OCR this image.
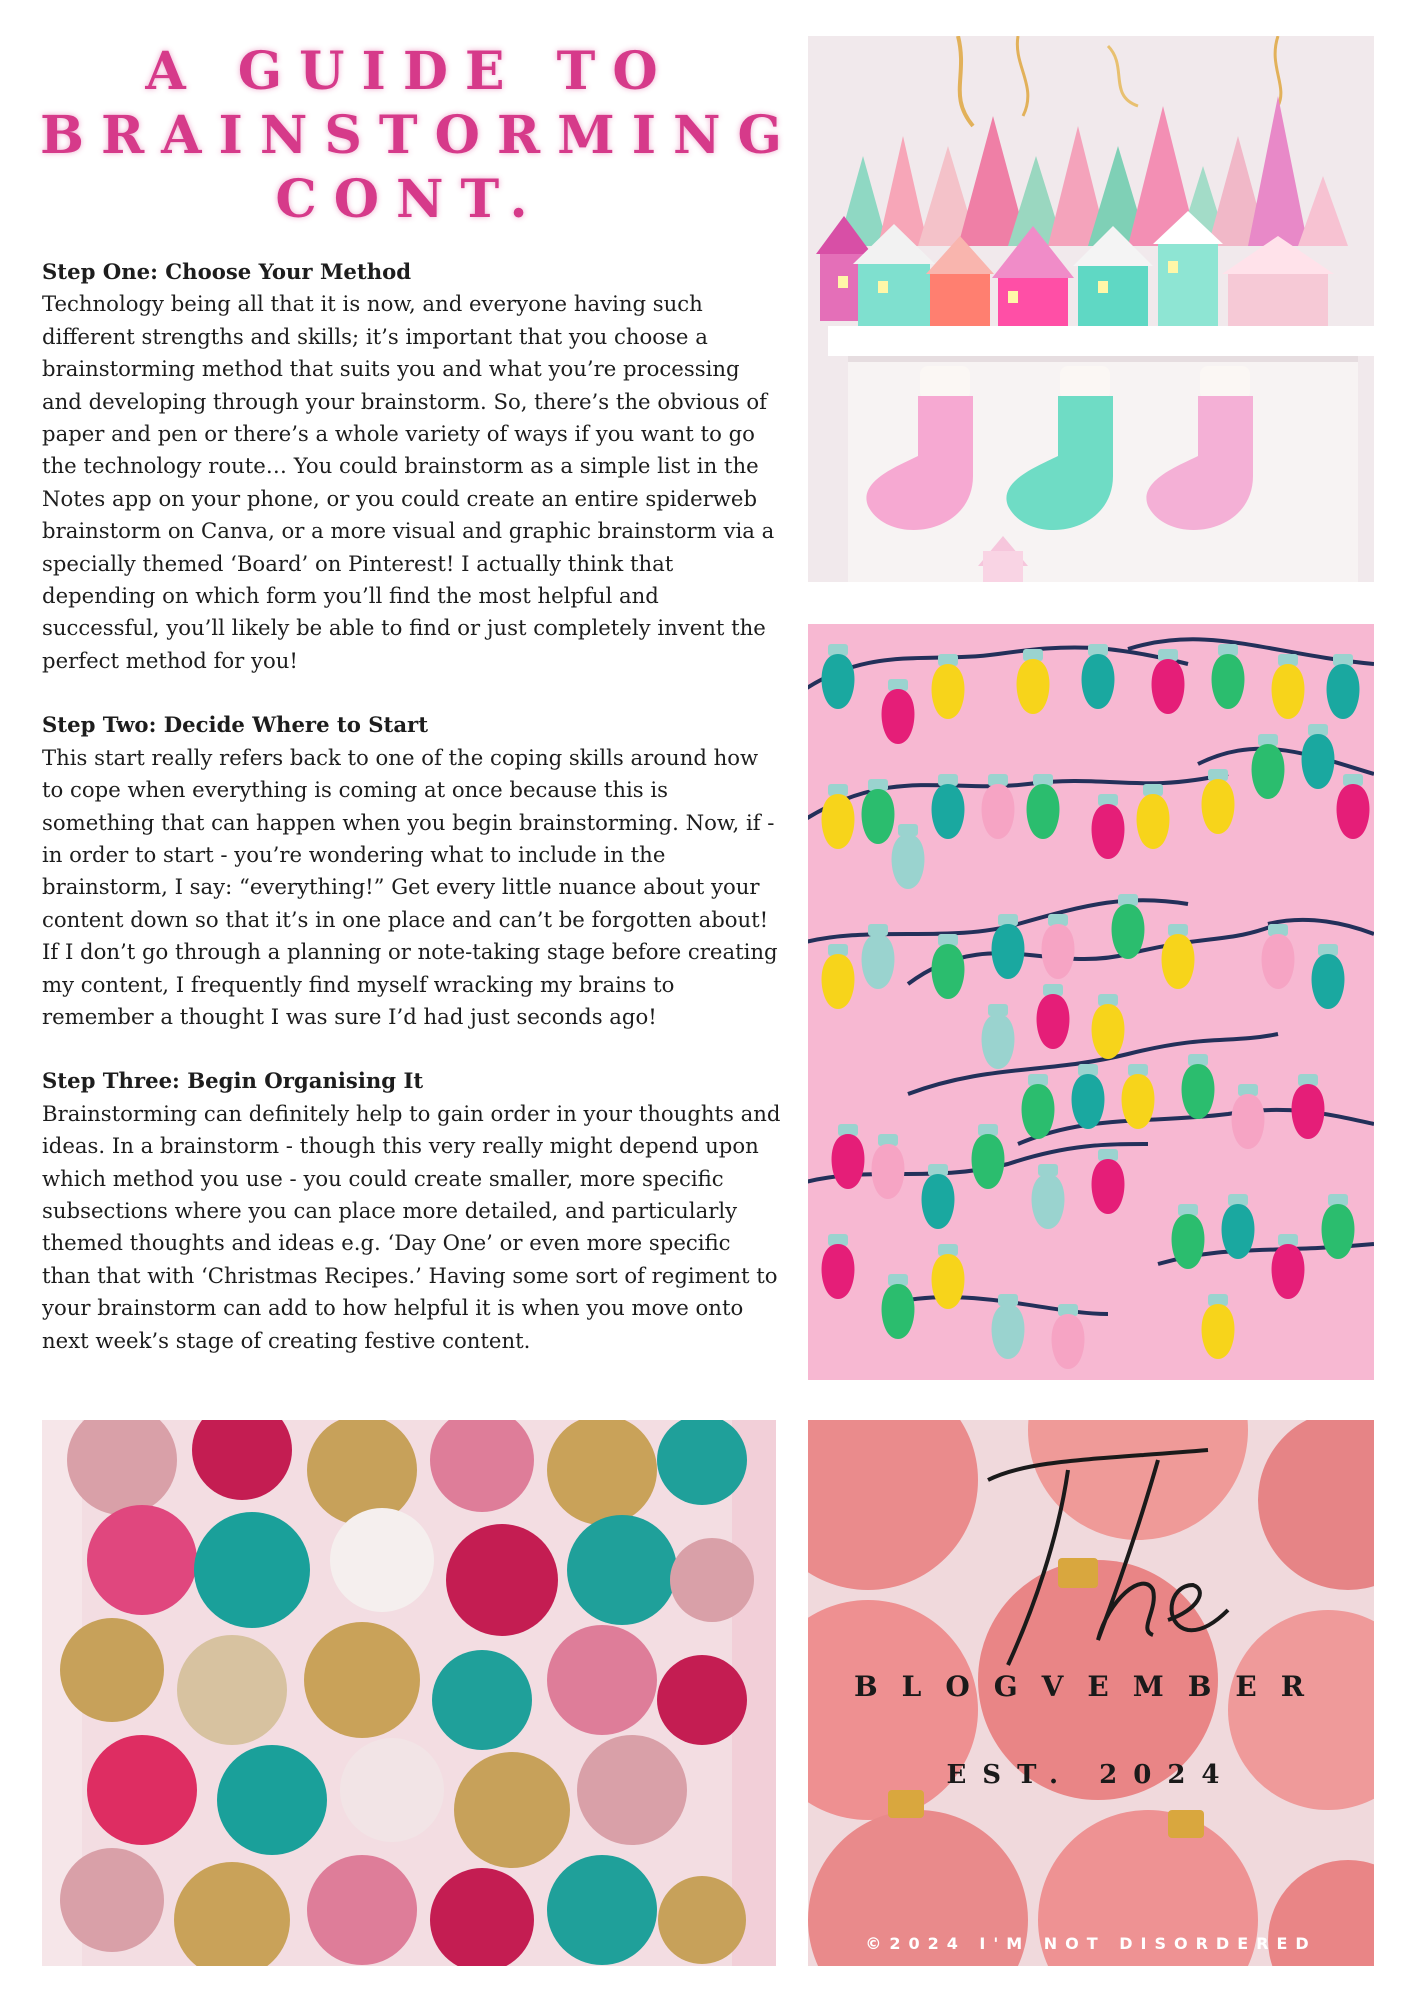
A GUIDE TO
BRAINSTORMING
CONT.
Step One: Choose Your Method

Technology being all that it is now, and everyone having such different strengths and skills; it’s important that you choose a brainstorming method that suits you and what you’re processing and developing through your brainstorm. So, there’s the obvious of paper and pen or there’s a whole variety of ways if you want to go the technology route… You could brainstorm as a simple list in the Notes app on your phone, or you could create an entire spiderweb brainstorm on Canva, or a more visual and graphic brainstorm via a specially themed ‘Board’ on Pinterest! I actually think that depending on which form you’ll find the most helpful and successful, you’ll likely be able to find or just completely invent the perfect method for you!

Step Two: Decide Where to Start

This start really refers back to one of the coping skills around how to cope when everything is coming at once because this is something that can happen when you begin brainstorming. Now, if - in order to start - you’re wondering what to include in the brainstorm, I say: “everything!” Get every little nuance about your content down so that it’s in one place and can’t be forgotten about! If I don’t go through a planning or note-taking stage before creating my content, I frequently find myself wracking my brains to remember a thought I was sure I’d had just seconds ago!

Step Three: Begin Organising It

Brainstorming can definitely help to gain order in your thoughts and ideas. In a brainstorm - though this very really might depend upon which method you use - you could create smaller, more specific subsections where you can place more detailed, and particularly themed thoughts and ideas e.g. ‘Day One’ or even more specific than that with ‘Christmas Recipes.’ Having some sort of regiment to your brainstorm can add to how helpful it is when you move onto next week’s stage of creating festive content.

BLOGVEMBER
EST. 2024
©2024 I'M NOT DISORDERED
